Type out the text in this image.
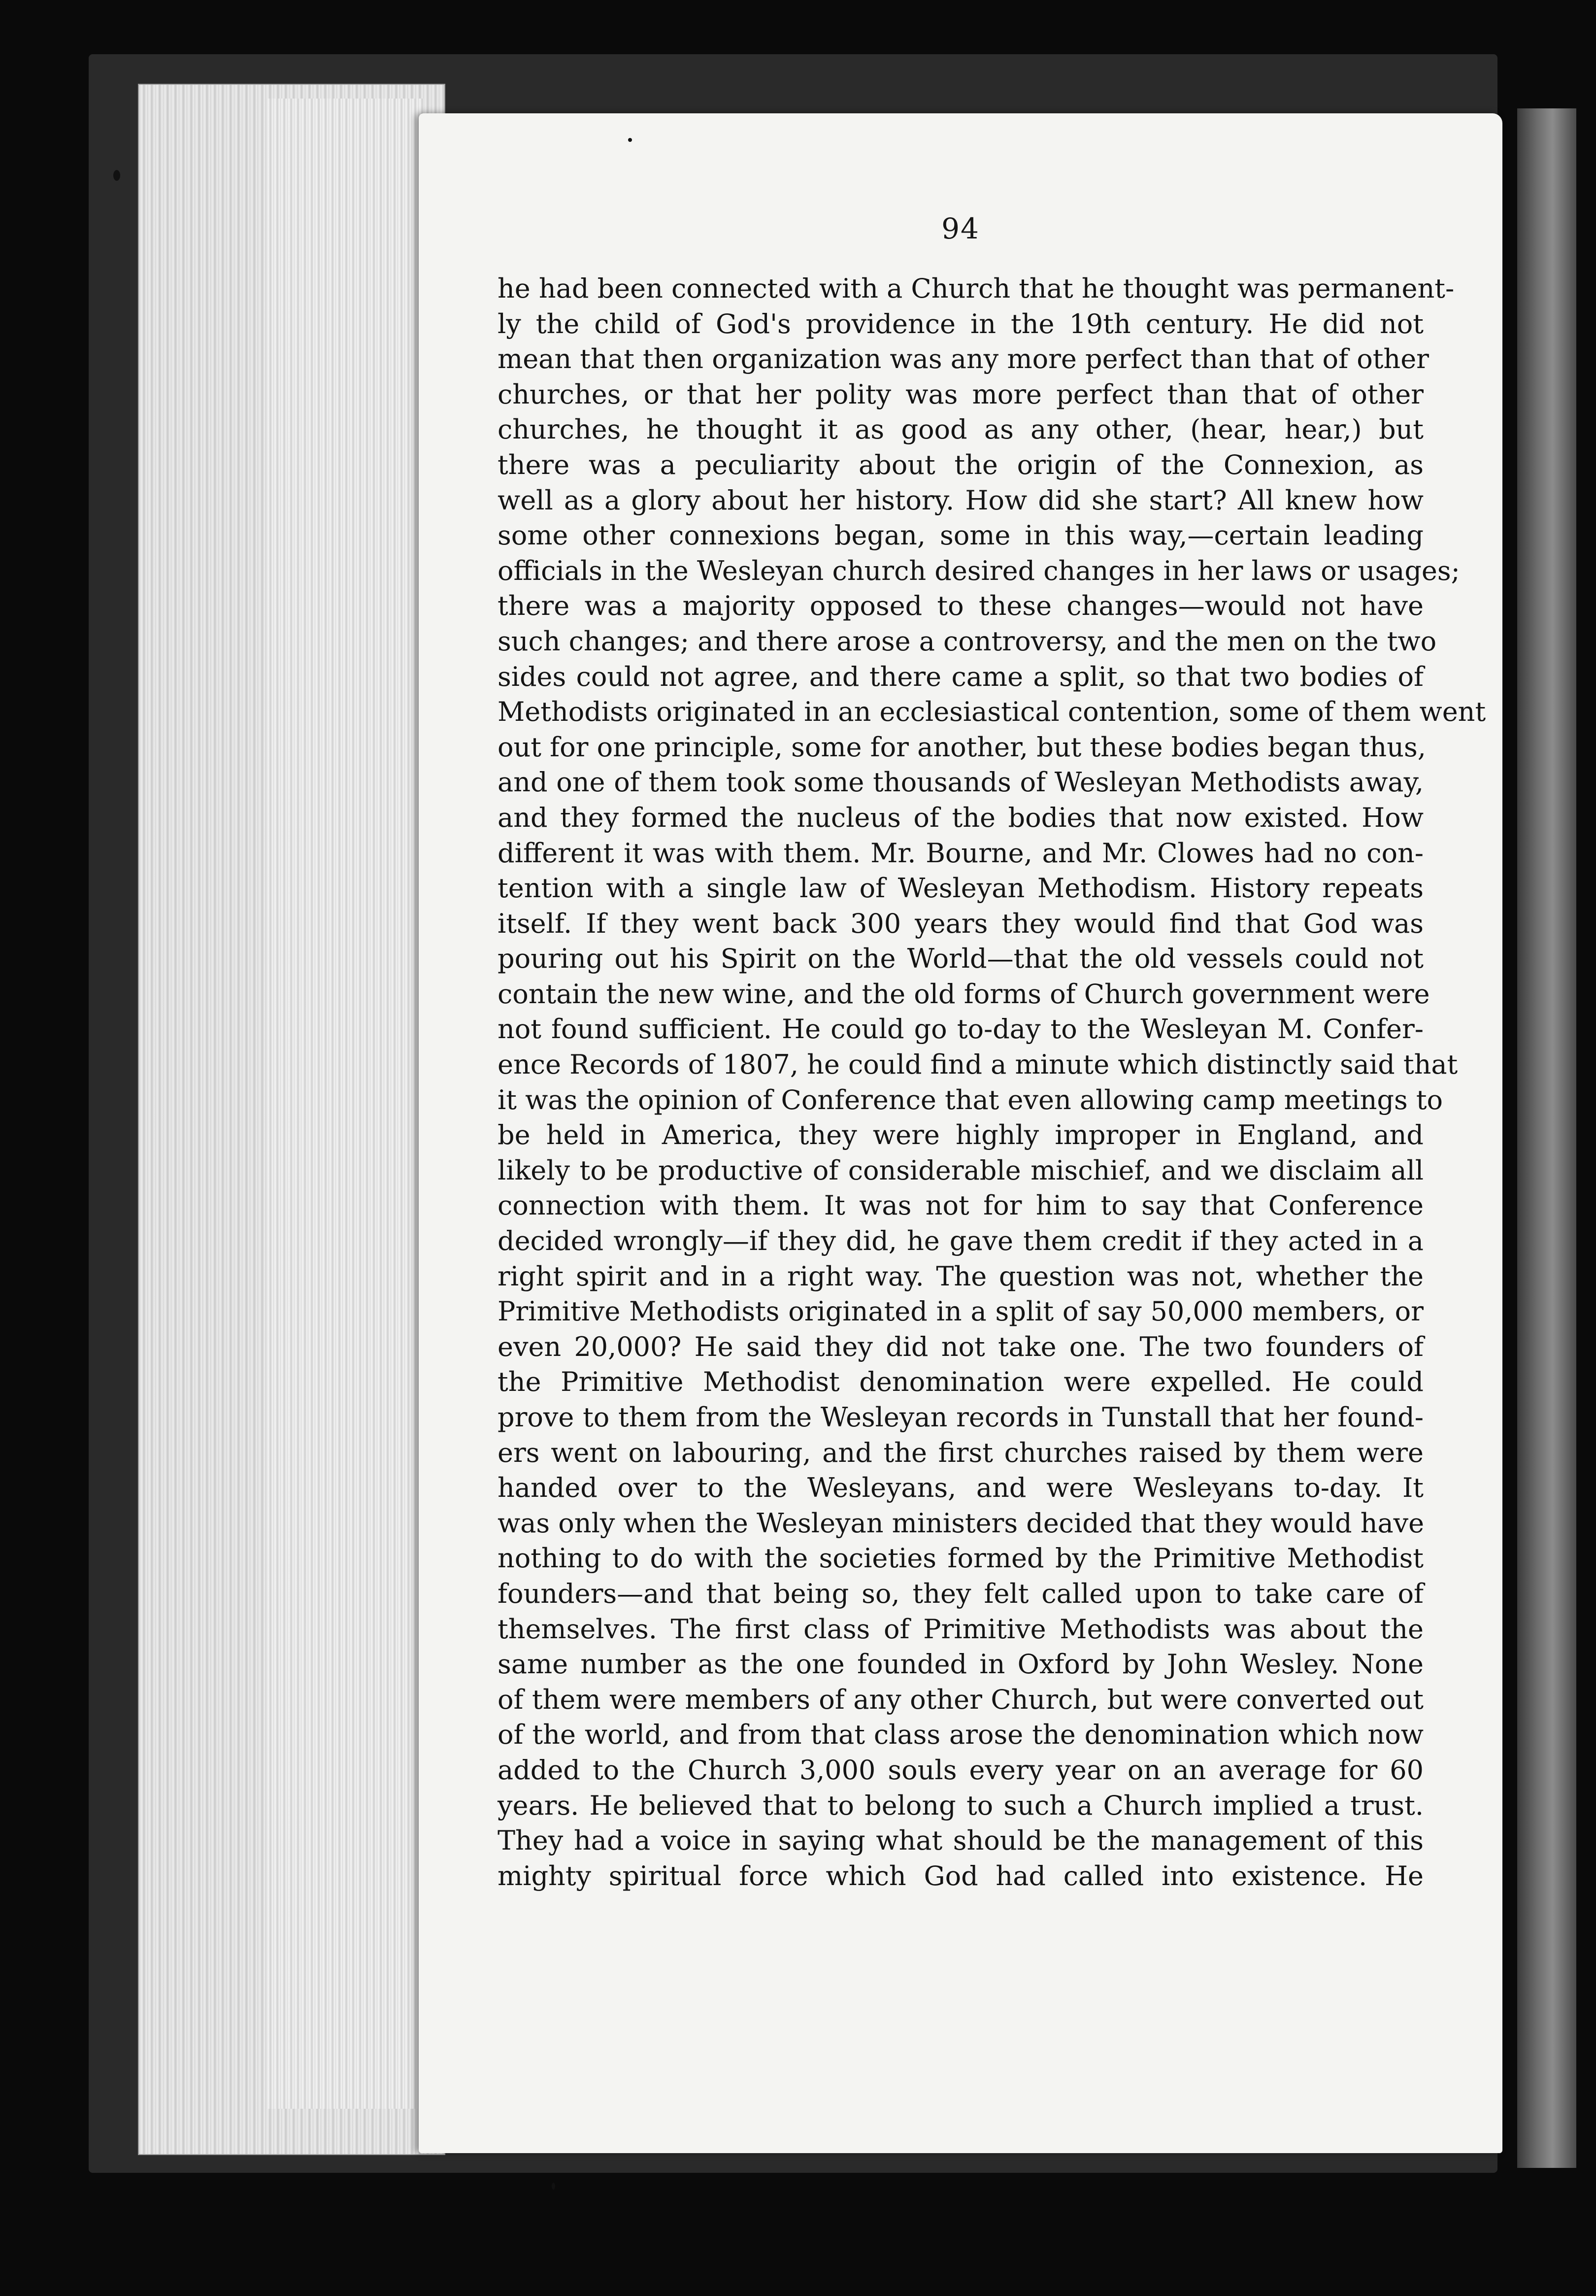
94
he had been connected with a Church that he thought was permanent-
ly the child of God's providence in the 19th century. He did not
mean that then organization was any more perfect than that of other
churches, or that her polity was more perfect than that of other
churches, he thought it as good as any other, (hear, hear,) but
there was a peculiarity about the origin of the Connexion, as
well as a glory about her history. How did she start? All knew how
some other connexions began, some in this way,—certain leading
officials in the Wesleyan church desired changes in her laws or usages;
there was a majority opposed to these changes—would not have
such changes; and there arose a controversy, and the men on the two
sides could not agree, and there came a split, so that two bodies of
Methodists originated in an ecclesiastical contention, some of them went
out for one principle, some for another, but these bodies began thus,
and one of them took some thousands of Wesleyan Methodists away,
and they formed the nucleus of the bodies that now existed. How
different it was with them. Mr. Bourne, and Mr. Clowes had no con-
tention with a single law of Wesleyan Methodism. History repeats
itself. If they went back 300 years they would find that God was
pouring out his Spirit on the World—that the old vessels could not
contain the new wine, and the old forms of Church government were
not found sufficient. He could go to-day to the Wesleyan M. Confer-
ence Records of 1807, he could find a minute which distinctly said that
it was the opinion of Conference that even allowing camp meetings to
be held in America, they were highly improper in England, and
likely to be productive of considerable mischief, and we disclaim all
connection with them. It was not for him to say that Conference
decided wrongly—if they did, he gave them credit if they acted in a
right spirit and in a right way. The question was not, whether the
Primitive Methodists originated in a split of say 50,000 members, or
even 20,000? He said they did not take one. The two founders of
the Primitive Methodist denomination were expelled. He could
prove to them from the Wesleyan records in Tunstall that her found-
ers went on labouring, and the first churches raised by them were
handed over to the Wesleyans, and were Wesleyans to-day. It
was only when the Wesleyan ministers decided that they would have
nothing to do with the societies formed by the Primitive Methodist
founders—and that being so, they felt called upon to take care of
themselves. The first class of Primitive Methodists was about the
same number as the one founded in Oxford by John Wesley. None
of them were members of any other Church, but were converted out
of the world, and from that class arose the denomination which now
added to the Church 3,000 souls every year on an average for 60
years. He believed that to belong to such a Church implied a trust.
They had a voice in saying what should be the management of this
mighty spiritual force which God had called into existence. He
